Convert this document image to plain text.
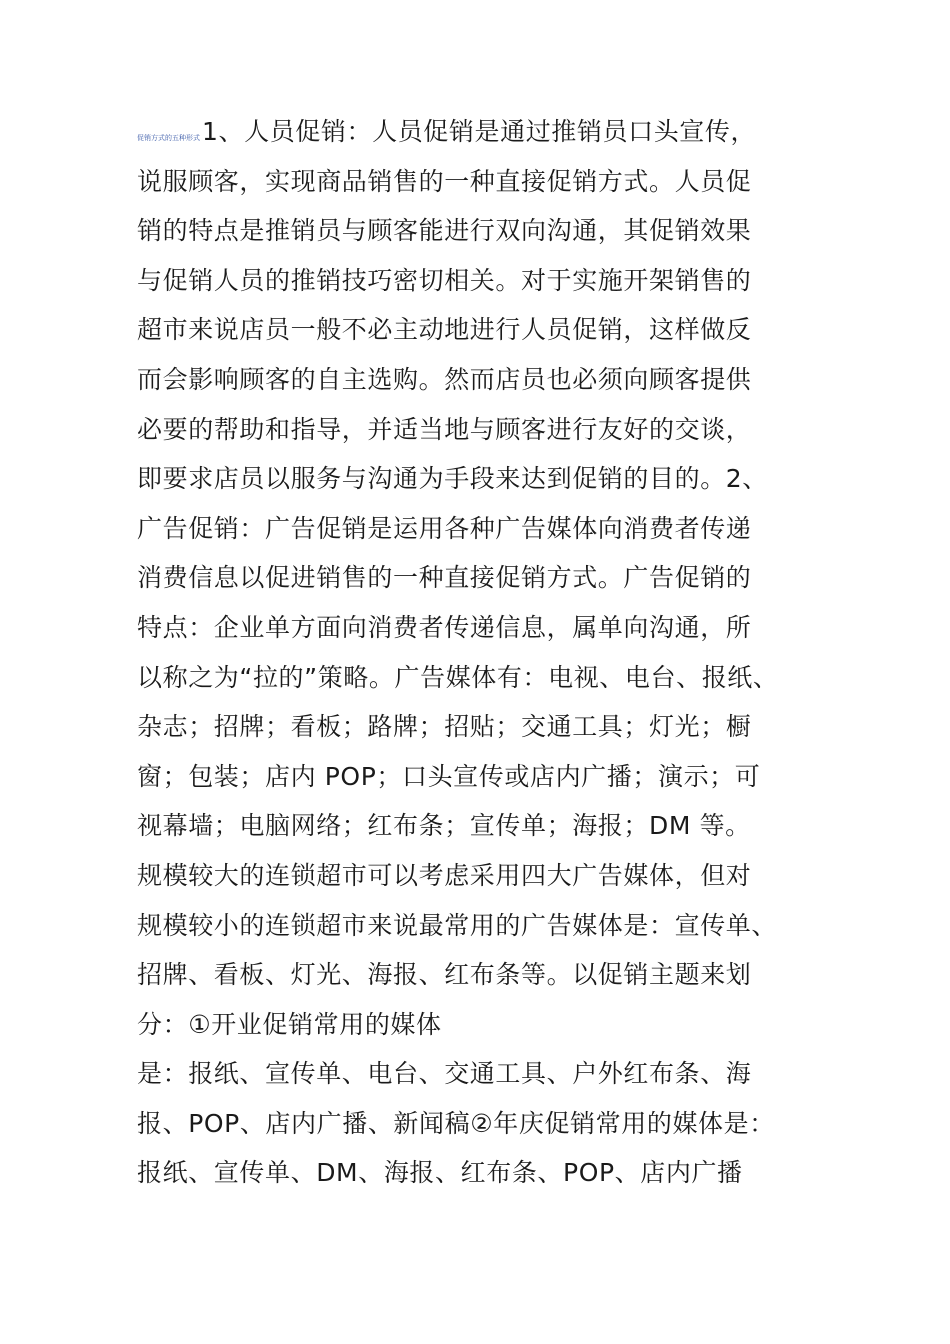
促销方式的五种形式1、人员促销：人员促销是通过推销员口头宣传，
说服顾客，实现商品销售的一种直接促销方式。人员促
销的特点是推销员与顾客能进行双向沟通，其促销效果
与促销人员的推销技巧密切相关。对于实施开架销售的
超市来说店员一般不必主动地进行人员促销，这样做反
而会影响顾客的自主选购。然而店员也必须向顾客提供
必要的帮助和指导，并适当地与顾客进行友好的交谈，
即要求店员以服务与沟通为手段来达到促销的目的。2、
广告促销：广告促销是运用各种广告媒体向消费者传递
消费信息以促进销售的一种直接促销方式。广告促销的
特点：企业单方面向消费者传递信息，属单向沟通，所
以称之为“拉的”策略。广告媒体有：电视、电台、报纸、
杂志；招牌；看板；路牌；招贴；交通工具；灯光；橱
窗；包装；店内 POP；口头宣传或店内广播；演示；可
视幕墙；电脑网络；红布条；宣传单；海报；DM 等。
规模较大的连锁超市可以考虑采用四大广告媒体，但对
规模较小的连锁超市来说最常用的广告媒体是：宣传单、
招牌、看板、灯光、海报、红布条等。以促销主题来划
分：①开业促销常用的媒体
是：报纸、宣传单、电台、交通工具、户外红布条、海
报、POP、店内广播、新闻稿②年庆促销常用的媒体是：
报纸、宣传单、DM、海报、红布条、POP、店内广播
